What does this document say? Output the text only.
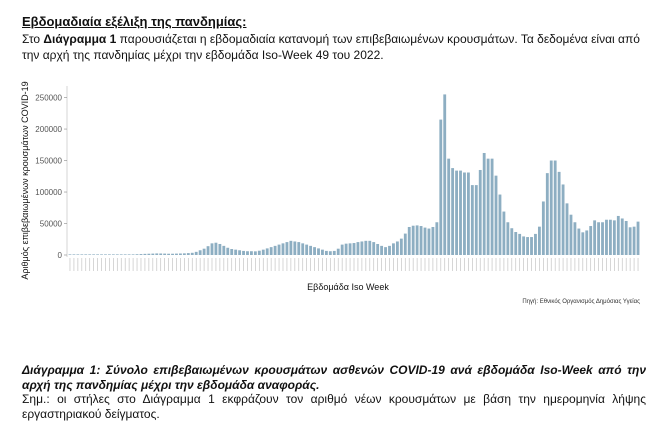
Εβδομαδιαία εξέλιξη της πανδημίας:
Στο Διάγραμμα 1 παρουσιάζεται η εβδομαδιαία κατανομή των επιβεβαιωμένων κρουσμάτων. Τα δεδομένα είναι από την αρχή της πανδημίας μέχρι την εβδομάδα Iso-Week 49 του 2022.
0
50000
100000
150000
200000
250000
Αριθμός επιβεβαιωμένων κρουσμάτων COVID-19
Εβδομάδα Iso Week
Πηγή: Εθνικός Οργανισμός Δημόσιας Υγείας
Διάγραμμα 1: Σύνολο επιβεβαιωμένων κρουσμάτων ασθενών COVID-19 ανά εβδομάδα Iso-Week από την αρχή της πανδημίας μέχρι την εβδομάδα αναφοράς.
Σημ.: οι στήλες στο Διάγραμμα 1 εκφράζουν τον αριθμό νέων κρουσμάτων με βάση την ημερομηνία λήψης εργαστηριακού δείγματος.
